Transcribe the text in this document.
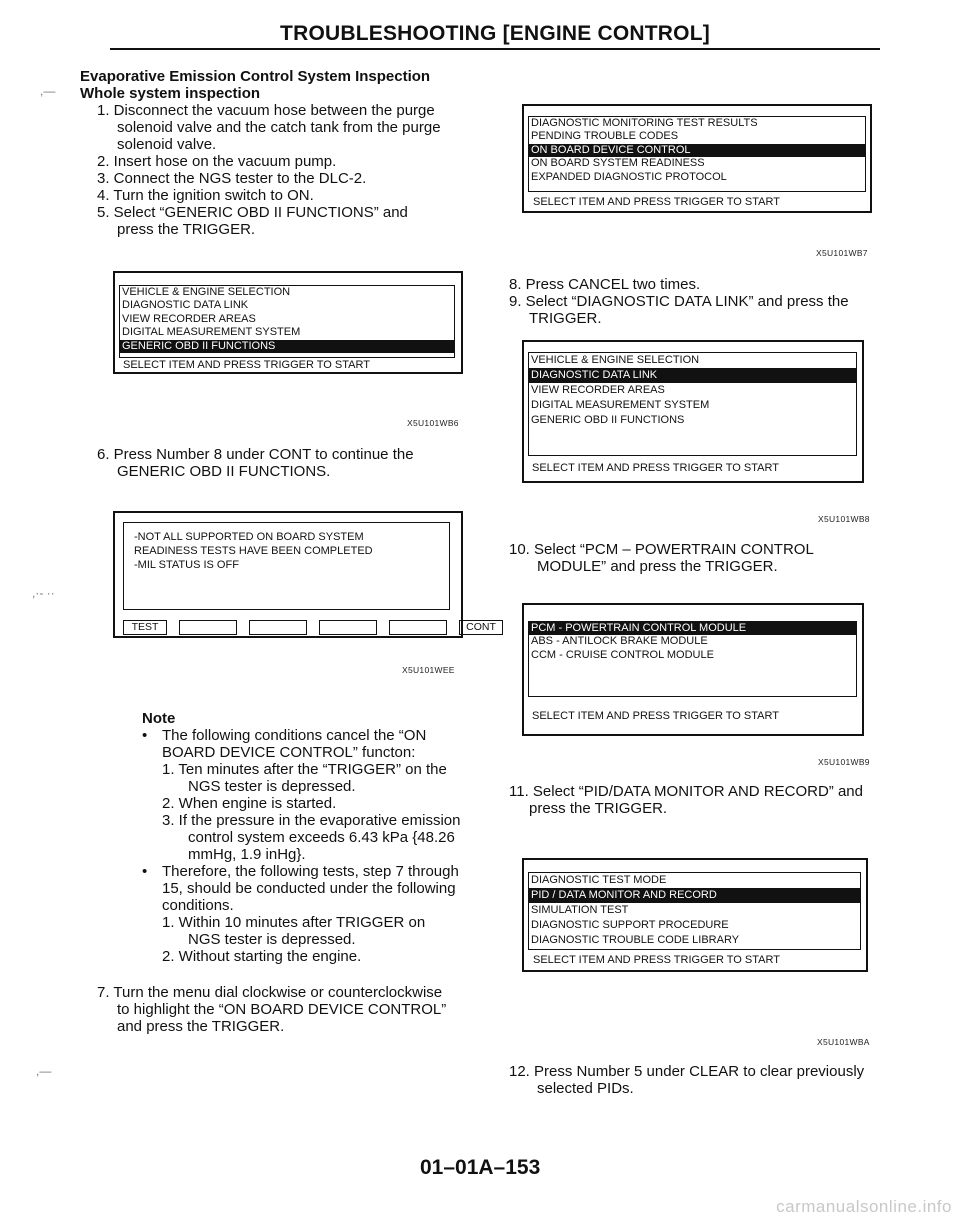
TROUBLESHOOTING [ENGINE CONTROL]
,—
,·‐ ··
,—
Evaporative Emission Control System Inspection
Whole system inspection
1. Disconnect the vacuum hose between the purge
solenoid valve and the catch tank from the purge
solenoid valve.
2. Insert hose on the vacuum pump.
3. Connect the NGS tester to the DLC-2.
4. Turn the ignition switch to ON.
5. Select “GENERIC OBD II FUNCTIONS” and
press the TRIGGER.
VEHICLE & ENGINE SELECTION
DIAGNOSTIC DATA LINK
VIEW RECORDER AREAS
DIGITAL MEASUREMENT SYSTEM
GENERIC OBD II FUNCTIONS
SELECT ITEM AND PRESS TRIGGER TO START
X5U101WB6
6. Press Number 8 under CONT to continue the
GENERIC OBD II FUNCTIONS.
-NOT ALL SUPPORTED ON BOARD SYSTEM
READINESS TESTS HAVE BEEN COMPLETED
-MIL STATUS IS OFF
TEST	CONT
X5U101WEE
Note
• The following conditions cancel the “ON
BOARD DEVICE CONTROL” functon:
1. Ten minutes after the “TRIGGER” on the
NGS tester is depressed.
2. When engine is started.
3. If the pressure in the evaporative emission
control system exceeds 6.43 kPa {48.26
mmHg, 1.9 inHg}.
• Therefore, the following tests, step 7 through
15, should be conducted under the following
conditions.
1. Within 10 minutes after TRIGGER on
NGS tester is depressed.
2. Without starting the engine.
7. Turn the menu dial clockwise or counterclockwise
to highlight the “ON BOARD DEVICE CONTROL”
and press the TRIGGER.
DIAGNOSTIC MONITORING TEST RESULTS
PENDING TROUBLE CODES
ON BOARD DEVICE CONTROL
ON BOARD SYSTEM READINESS
EXPANDED DIAGNOSTIC PROTOCOL
SELECT ITEM AND PRESS TRIGGER TO START
X5U101WB7
8. Press CANCEL two times.
9. Select “DIAGNOSTIC DATA LINK” and press the
TRIGGER.
VEHICLE & ENGINE SELECTION
DIAGNOSTIC DATA LINK
VIEW RECORDER AREAS
DIGITAL MEASUREMENT SYSTEM
GENERIC OBD II FUNCTIONS
SELECT ITEM AND PRESS TRIGGER TO START
X5U101WB8
10. Select “PCM – POWERTRAIN CONTROL
MODULE” and press the TRIGGER.
PCM - POWERTRAIN CONTROL MODULE
ABS - ANTILOCK BRAKE MODULE
CCM - CRUISE CONTROL MODULE
SELECT ITEM AND PRESS TRIGGER TO START
X5U101WB9
11. Select “PID/DATA MONITOR AND RECORD” and
press the TRIGGER.
DIAGNOSTIC TEST MODE
PID / DATA MONITOR AND RECORD
SIMULATION TEST
DIAGNOSTIC SUPPORT PROCEDURE
DIAGNOSTIC TROUBLE CODE LIBRARY
SELECT ITEM AND PRESS TRIGGER TO START
X5U101WBA
12. Press Number 5 under CLEAR to clear previously
selected PIDs.
01–01A–153
carmanualsonline.info
